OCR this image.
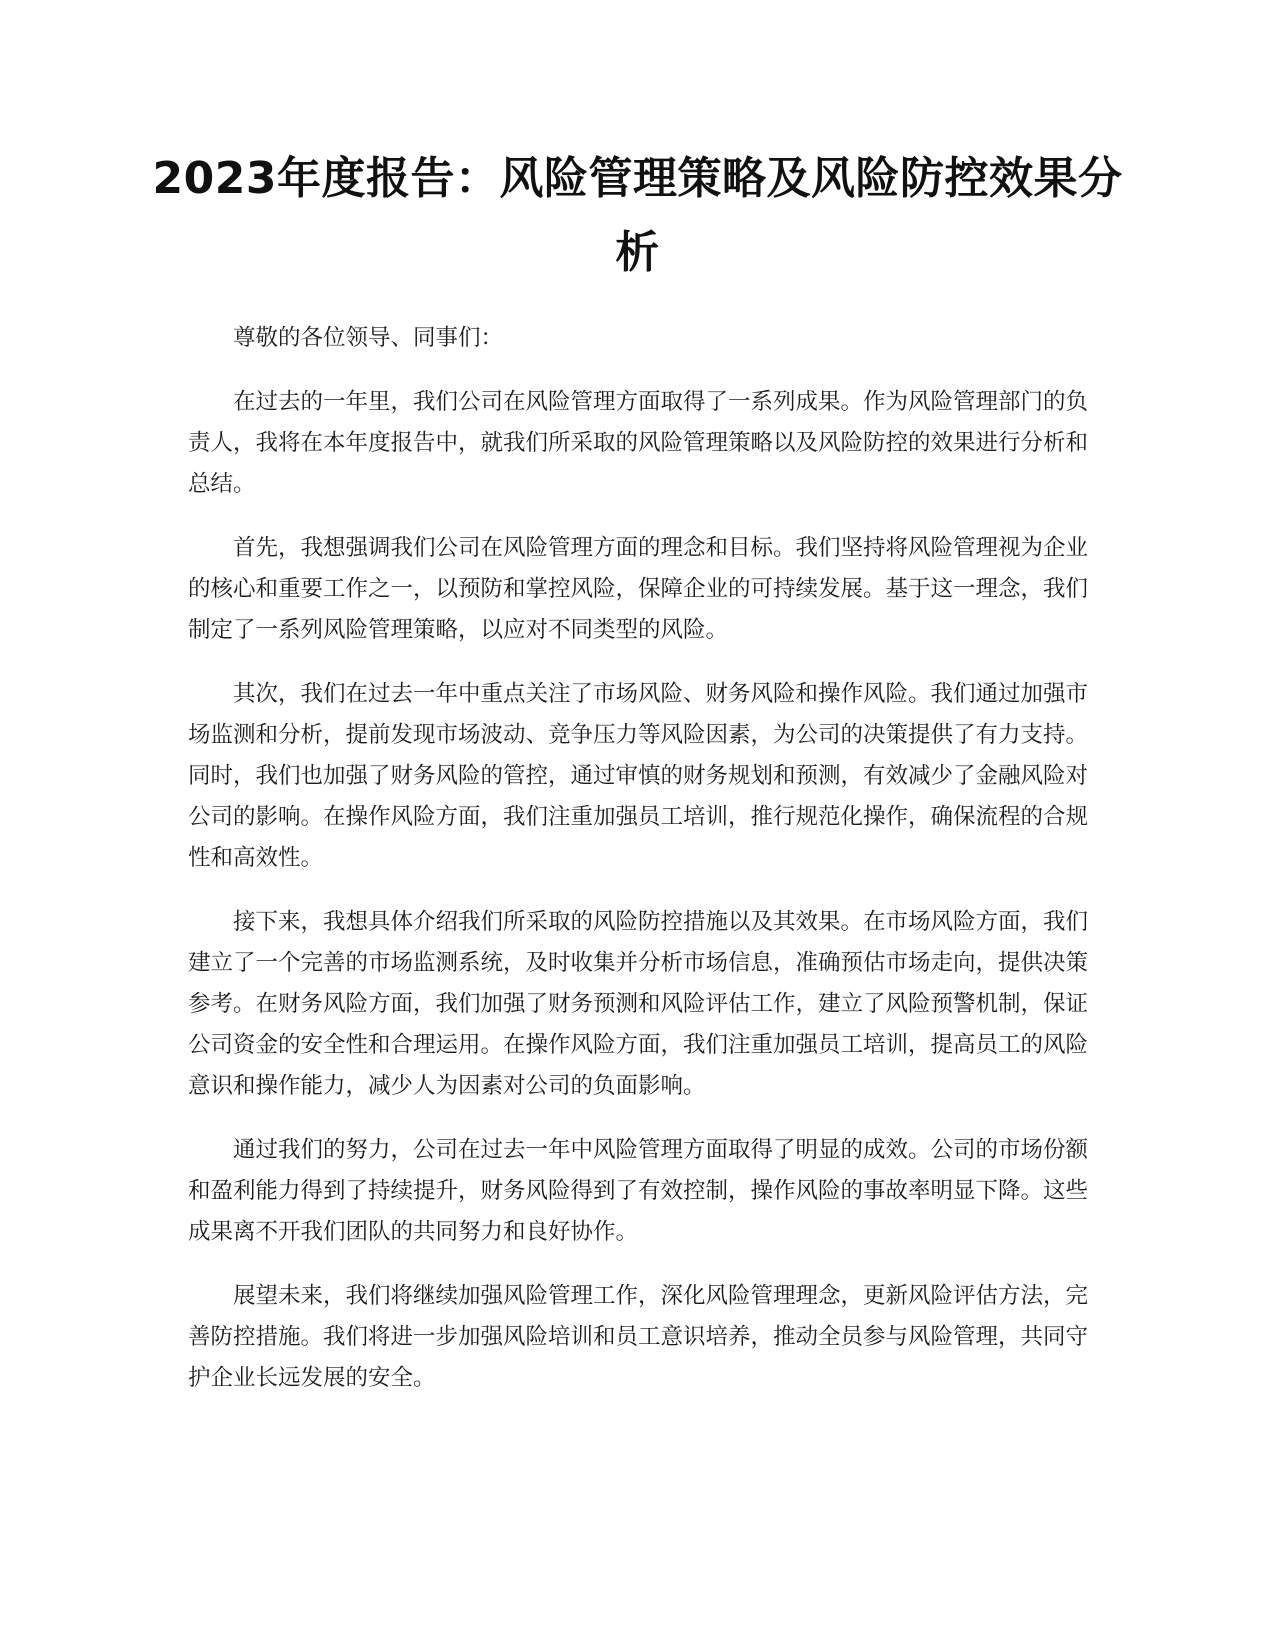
2023年度报告：风险管理策略及风险防控效果分析

尊敬的各位领导、同事们：

在过去的一年里，我们公司在风险管理方面取得了一系列成果。作为风险管理部门的负责人，我将在本年度报告中，就我们所采取的风险管理策略以及风险防控的效果进行分析和总结。

首先，我想强调我们公司在风险管理方面的理念和目标。我们坚持将风险管理视为企业的核心和重要工作之一，以预防和掌控风险，保障企业的可持续发展。基于这一理念，我们制定了一系列风险管理策略，以应对不同类型的风险。

其次，我们在过去一年中重点关注了市场风险、财务风险和操作风险。我们通过加强市场监测和分析，提前发现市场波动、竞争压力等风险因素，为公司的决策提供了有力支持。同时，我们也加强了财务风险的管控，通过审慎的财务规划和预测，有效减少了金融风险对公司的影响。在操作风险方面，我们注重加强员工培训，推行规范化操作，确保流程的合规性和高效性。

接下来，我想具体介绍我们所采取的风险防控措施以及其效果。在市场风险方面，我们建立了一个完善的市场监测系统，及时收集并分析市场信息，准确预估市场走向，提供决策参考。在财务风险方面，我们加强了财务预测和风险评估工作，建立了风险预警机制，保证公司资金的安全性和合理运用。在操作风险方面，我们注重加强员工培训，提高员工的风险意识和操作能力，减少人为因素对公司的负面影响。

通过我们的努力，公司在过去一年中风险管理方面取得了明显的成效。公司的市场份额和盈利能力得到了持续提升，财务风险得到了有效控制，操作风险的事故率明显下降。这些成果离不开我们团队的共同努力和良好协作。

展望未来，我们将继续加强风险管理工作，深化风险管理理念，更新风险评估方法，完善防控措施。我们将进一步加强风险培训和员工意识培养，推动全员参与风险管理，共同守护企业长远发展的安全。
